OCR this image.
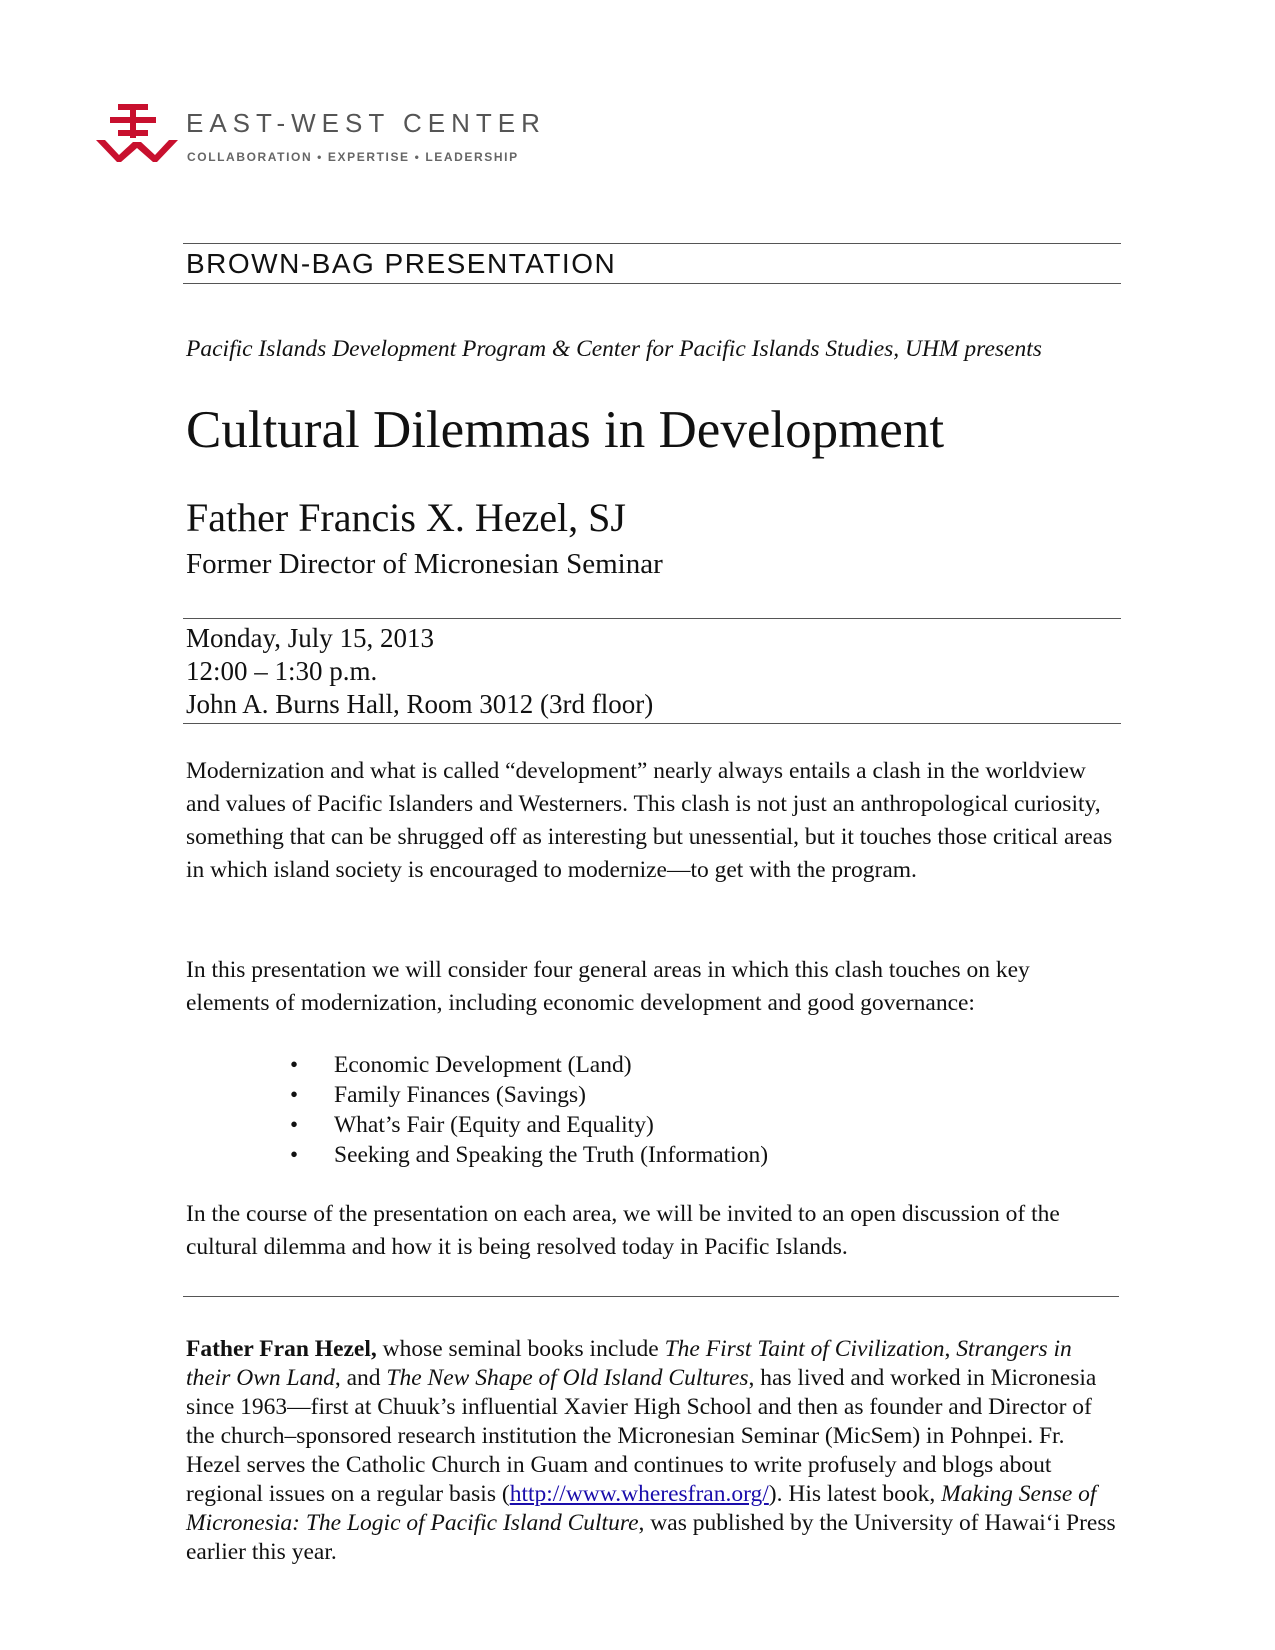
EAST-WEST CENTER
COLLABORATION • EXPERTISE • LEADERSHIP
BROWN-BAG PRESENTATION
Pacific Islands Development Program & Center for Pacific Islands Studies, UHM presents
Cultural Dilemmas in Development
Father Francis X. Hezel, SJ
Former Director of Micronesian Seminar
Monday, July 15, 2013
12:00 – 1:30 p.m.
John A. Burns Hall, Room 3012 (3rd floor)

Modernization and what is called “development” nearly always entails a clash in the worldview and values of Pacific Islanders and Westerners. This clash is not just an anthropological curiosity, something that can be shrugged off as interesting but unessential, but it touches those critical areas in which island society is encouraged to modernize—to get with the program.

In this presentation we will consider four general areas in which this clash touches on key elements of modernization, including economic development and good governance:

• Economic Development (Land)
• Family Finances (Savings)
• What’s Fair (Equity and Equality)
• Seeking and Speaking the Truth (Information)

In the course of the presentation on each area, we will be invited to an open discussion of the cultural dilemma and how it is being resolved today in Pacific Islands.

Father Fran Hezel, whose seminal books include The First Taint of Civilization, Strangers in their Own Land, and The New Shape of Old Island Cultures, has lived and worked in Micronesia since 1963—first at Chuuk’s influential Xavier High School and then as founder and Director of the church–sponsored research institution the Micronesian Seminar (MicSem) in Pohnpei. Fr. Hezel serves the Catholic Church in Guam and continues to write profusely and blogs about regional issues on a regular basis (http://www.wheresfran.org/). His latest book, Making Sense of Micronesia: The Logic of Pacific Island Culture, was published by the University of Hawai‘i Press earlier this year.
